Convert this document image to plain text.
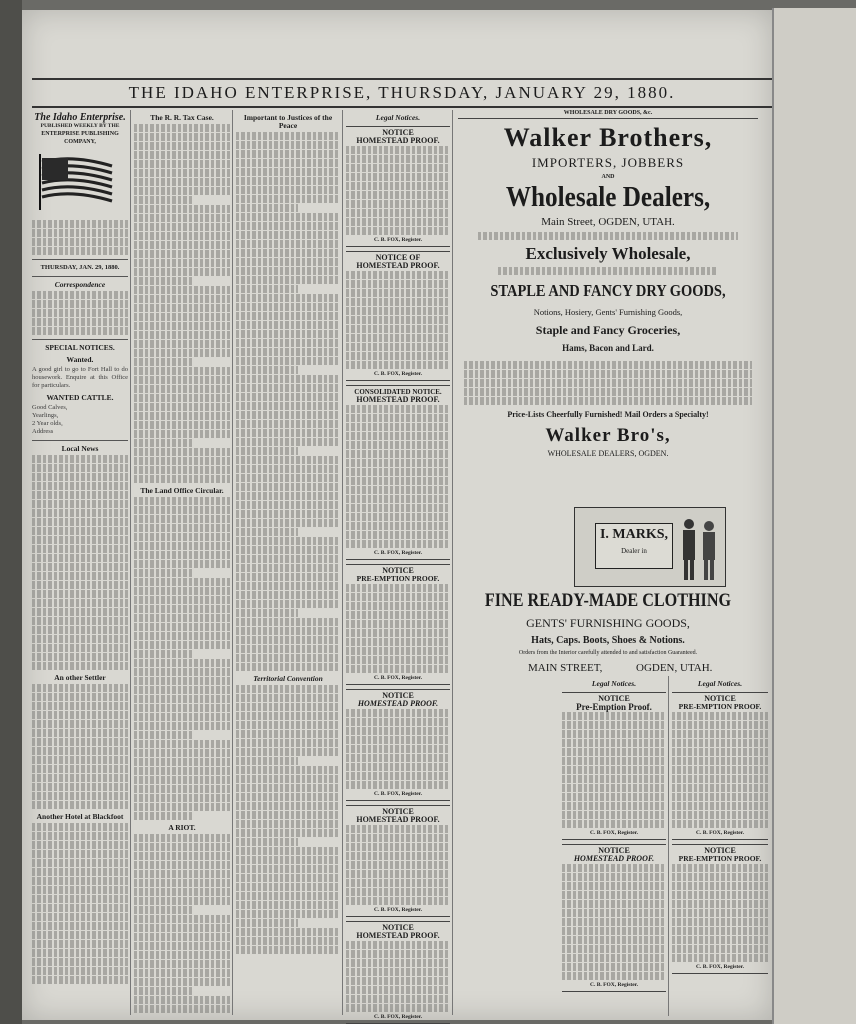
THE IDAHO ENTERPRISE, THURSDAY, JANUARY 29, 1880.
The Idaho Enterprise.
PUBLISHED WEEKLY BY THE
ENTERPRISE PUBLISHING COMPANY,
THURSDAY, JAN. 29, 1880.
Correspondence
SPECIAL NOTICES.
Wanted.
A good girl to go to Fort Hall to do housework. Enquire at this Office for particulars.
WANTED CATTLE.
Good Calves,
Yearlings,
2 Year olds,
Address
Local News
An other Settler
Another Hotel at Blackfoot
The R. R. Tax Case.
The Land Office Circular.
A RIOT.
Important to Justices of the Peace
Territorial Convention
Legal Notices.
NOTICE
HOMESTEAD PROOF.
C. B. FOX, Register.
NOTICE OF
HOMESTEAD PROOF.
C. B. FOX, Register.
CONSOLIDATED NOTICE.
HOMESTEAD PROOF.
C. B. FOX, Register.
NOTICE
PRE-EMPTION PROOF.
C. B. FOX, Register.
NOTICE
HOMESTEAD PROOF.
C. B. FOX, Register.
NOTICE
HOMESTEAD PROOF.
C. B. FOX, Register.
NOTICE
HOMESTEAD PROOF.
C. B. FOX, Register.
WHOLESALE DRY GOODS, &c.
Walker Brothers,
IMPORTERS, JOBBERS
AND
Wholesale Dealers,
Main Street, OGDEN, UTAH.
Exclusively Wholesale,
STAPLE AND FANCY DRY GOODS,
Notions, Hosiery, Gents' Furnishing Goods,
Staple and Fancy Groceries,
Hams, Bacon and Lard.
Price-Lists Cheerfully Furnished! Mail Orders a Specialty!
Walker Bro's,
WHOLESALE DEALERS, OGDEN.
I. MARKS,
Dealer in
FINE READY-MADE CLOTHING
GENTS' FURNISHING GOODS,
Hats, Caps. Boots, Shoes & Notions.
Orders from the Interior carefully attended to and satisfaction Guaranteed.
MAIN STREET,	OGDEN, UTAH.
Legal Notices.
NOTICE
Pre-Emption Proof.
C. B. FOX, Register.
NOTICE
HOMESTEAD PROOF.
C. B. FOX, Register.
Legal Notices.
NOTICE
PRE-EMPTION PROOF.
C. B. FOX, Register.
NOTICE
PRE-EMPTION PROOF.
C. B. FOX, Register.
